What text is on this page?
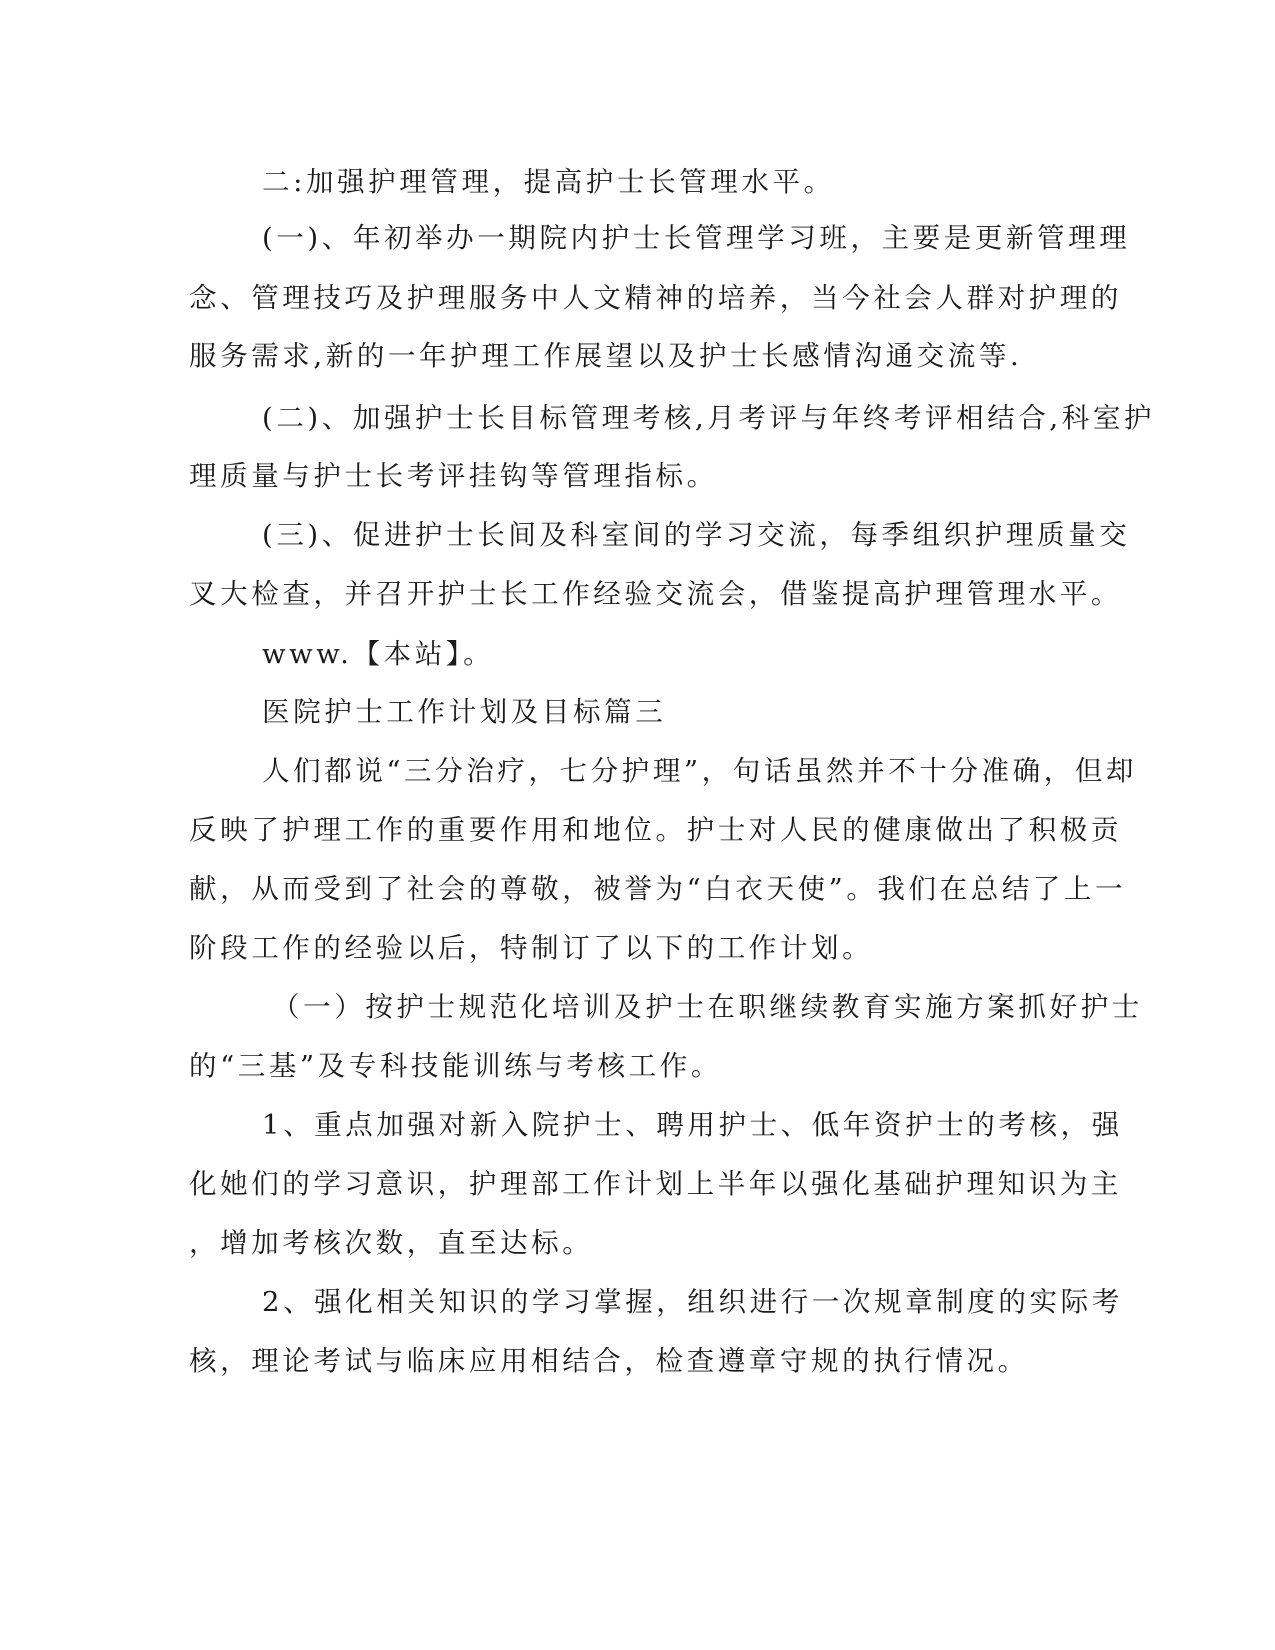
二:加强护理管理，提高护士长管理水平。
(一)、年初举办一期院内护士长管理学习班，主要是更新管理理
念、管理技巧及护理服务中人文精神的培养，当今社会人群对护理的
服务需求,新的一年护理工作展望以及护士长感情沟通交流等.
(二)、加强护士长目标管理考核,月考评与年终考评相结合,科室护
理质量与护士长考评挂钩等管理指标。
(三)、促进护士长间及科室间的学习交流，每季组织护理质量交
叉大检查，并召开护士长工作经验交流会，借鉴提高护理管理水平。
www.【本站】。
医院护士工作计划及目标篇三
人们都说“三分治疗，七分护理”，句话虽然并不十分准确，但却
反映了护理工作的重要作用和地位。护士对人民的健康做出了积极贡
献，从而受到了社会的尊敬，被誉为“白衣天使”。我们在总结了上一
阶段工作的经验以后，特制订了以下的工作计划。
（一）按护士规范化培训及护士在职继续教育实施方案抓好护士
的“三基”及专科技能训练与考核工作。
1、重点加强对新入院护士、聘用护士、低年资护士的考核，强
化她们的学习意识，护理部工作计划上半年以强化基础护理知识为主
，增加考核次数，直至达标。
2、强化相关知识的学习掌握，组织进行一次规章制度的实际考
核，理论考试与临床应用相结合，检查遵章守规的执行情况。
